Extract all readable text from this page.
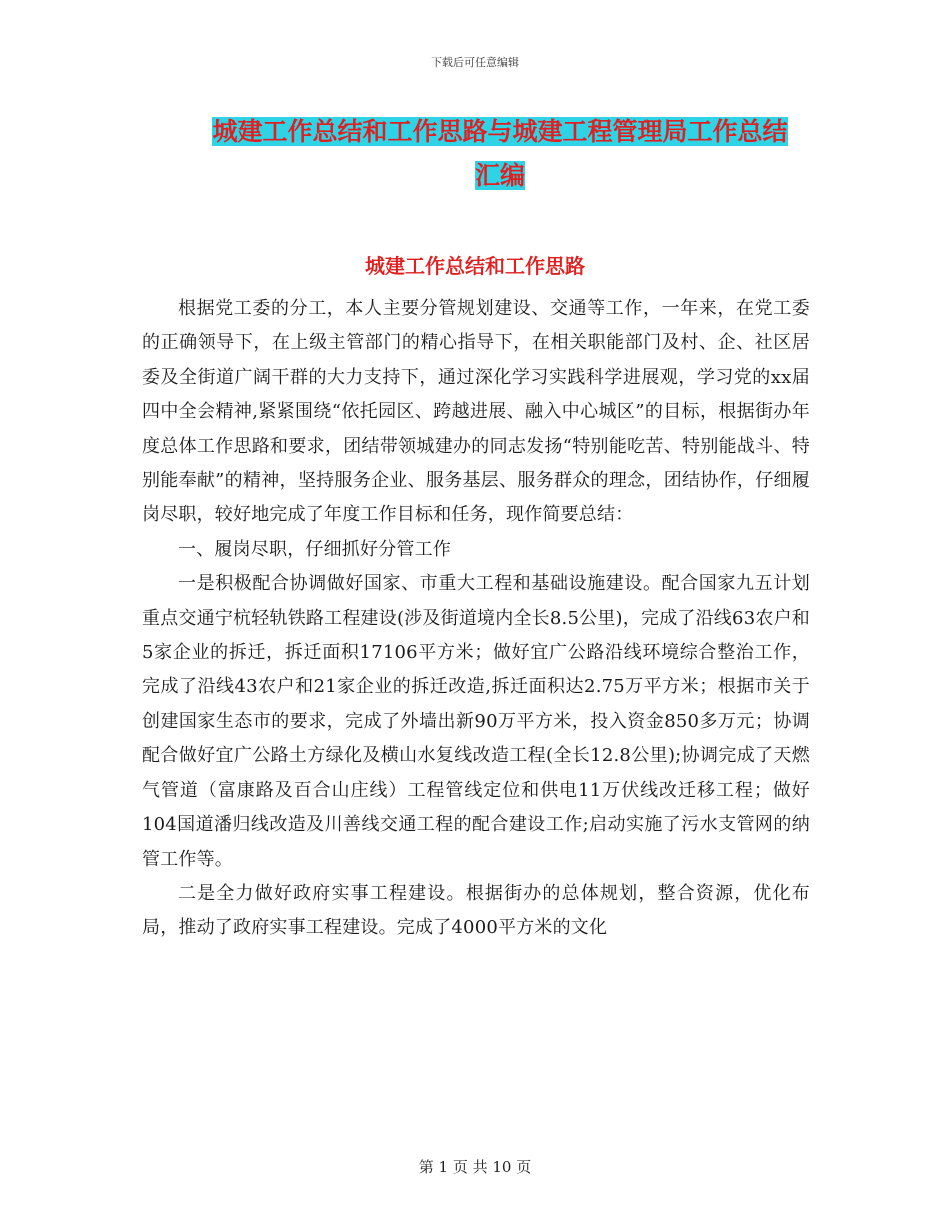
下载后可任意编辑
城建工作总结和工作思路与城建工程管理局工作总结
汇编
城建工作总结和工作思路

根据党工委的分工，本人主要分管规划建设、交通等工作，一年来，在党工委的正确领导下，在上级主管部门的精心指导下，在相关职能部门及村、企、社区居委及全街道广阔干群的大力支持下，通过深化学习实践科学进展观，学习党的xx届四中全会精神,紧紧围绕“依托园区、跨越进展、融入中心城区”的目标，根据街办年度总体工作思路和要求，团结带领城建办的同志发扬“特别能吃苦、特别能战斗、特别能奉献”的精神，坚持服务企业、服务基层、服务群众的理念，团结协作，仔细履岗尽职，较好地完成了年度工作目标和任务，现作简要总结：

一、履岗尽职，仔细抓好分管工作

一是积极配合协调做好国家、市重大工程和基础设施建设。配合国家九五计划重点交通宁杭轻轨铁路工程建设(涉及街道境内全长8.5公里)，完成了沿线63农户和5家企业的拆迁，拆迁面积17106平方米；做好宜广公路沿线环境综合整治工作，完成了沿线43农户和21家企业的拆迁改造,拆迁面积达2.75万平方米；根据市关于创建国家生态市的要求，完成了外墙出新90万平方米，投入资金850多万元；协调配合做好宜广公路土方绿化及横山水复线改造工程(全长12.8公里);协调完成了天燃气管道（富康路及百合山庄线）工程管线定位和供电11万伏线改迁移工程；做好104国道潘归线改造及川善线交通工程的配合建设工作;启动实施了污水支管网的纳管工作等。

二是全力做好政府实事工程建设。根据街办的总体规划，整合资源，优化布局，推动了政府实事工程建设。完成了4000平方米的文化

第 1 页 共 10 页
